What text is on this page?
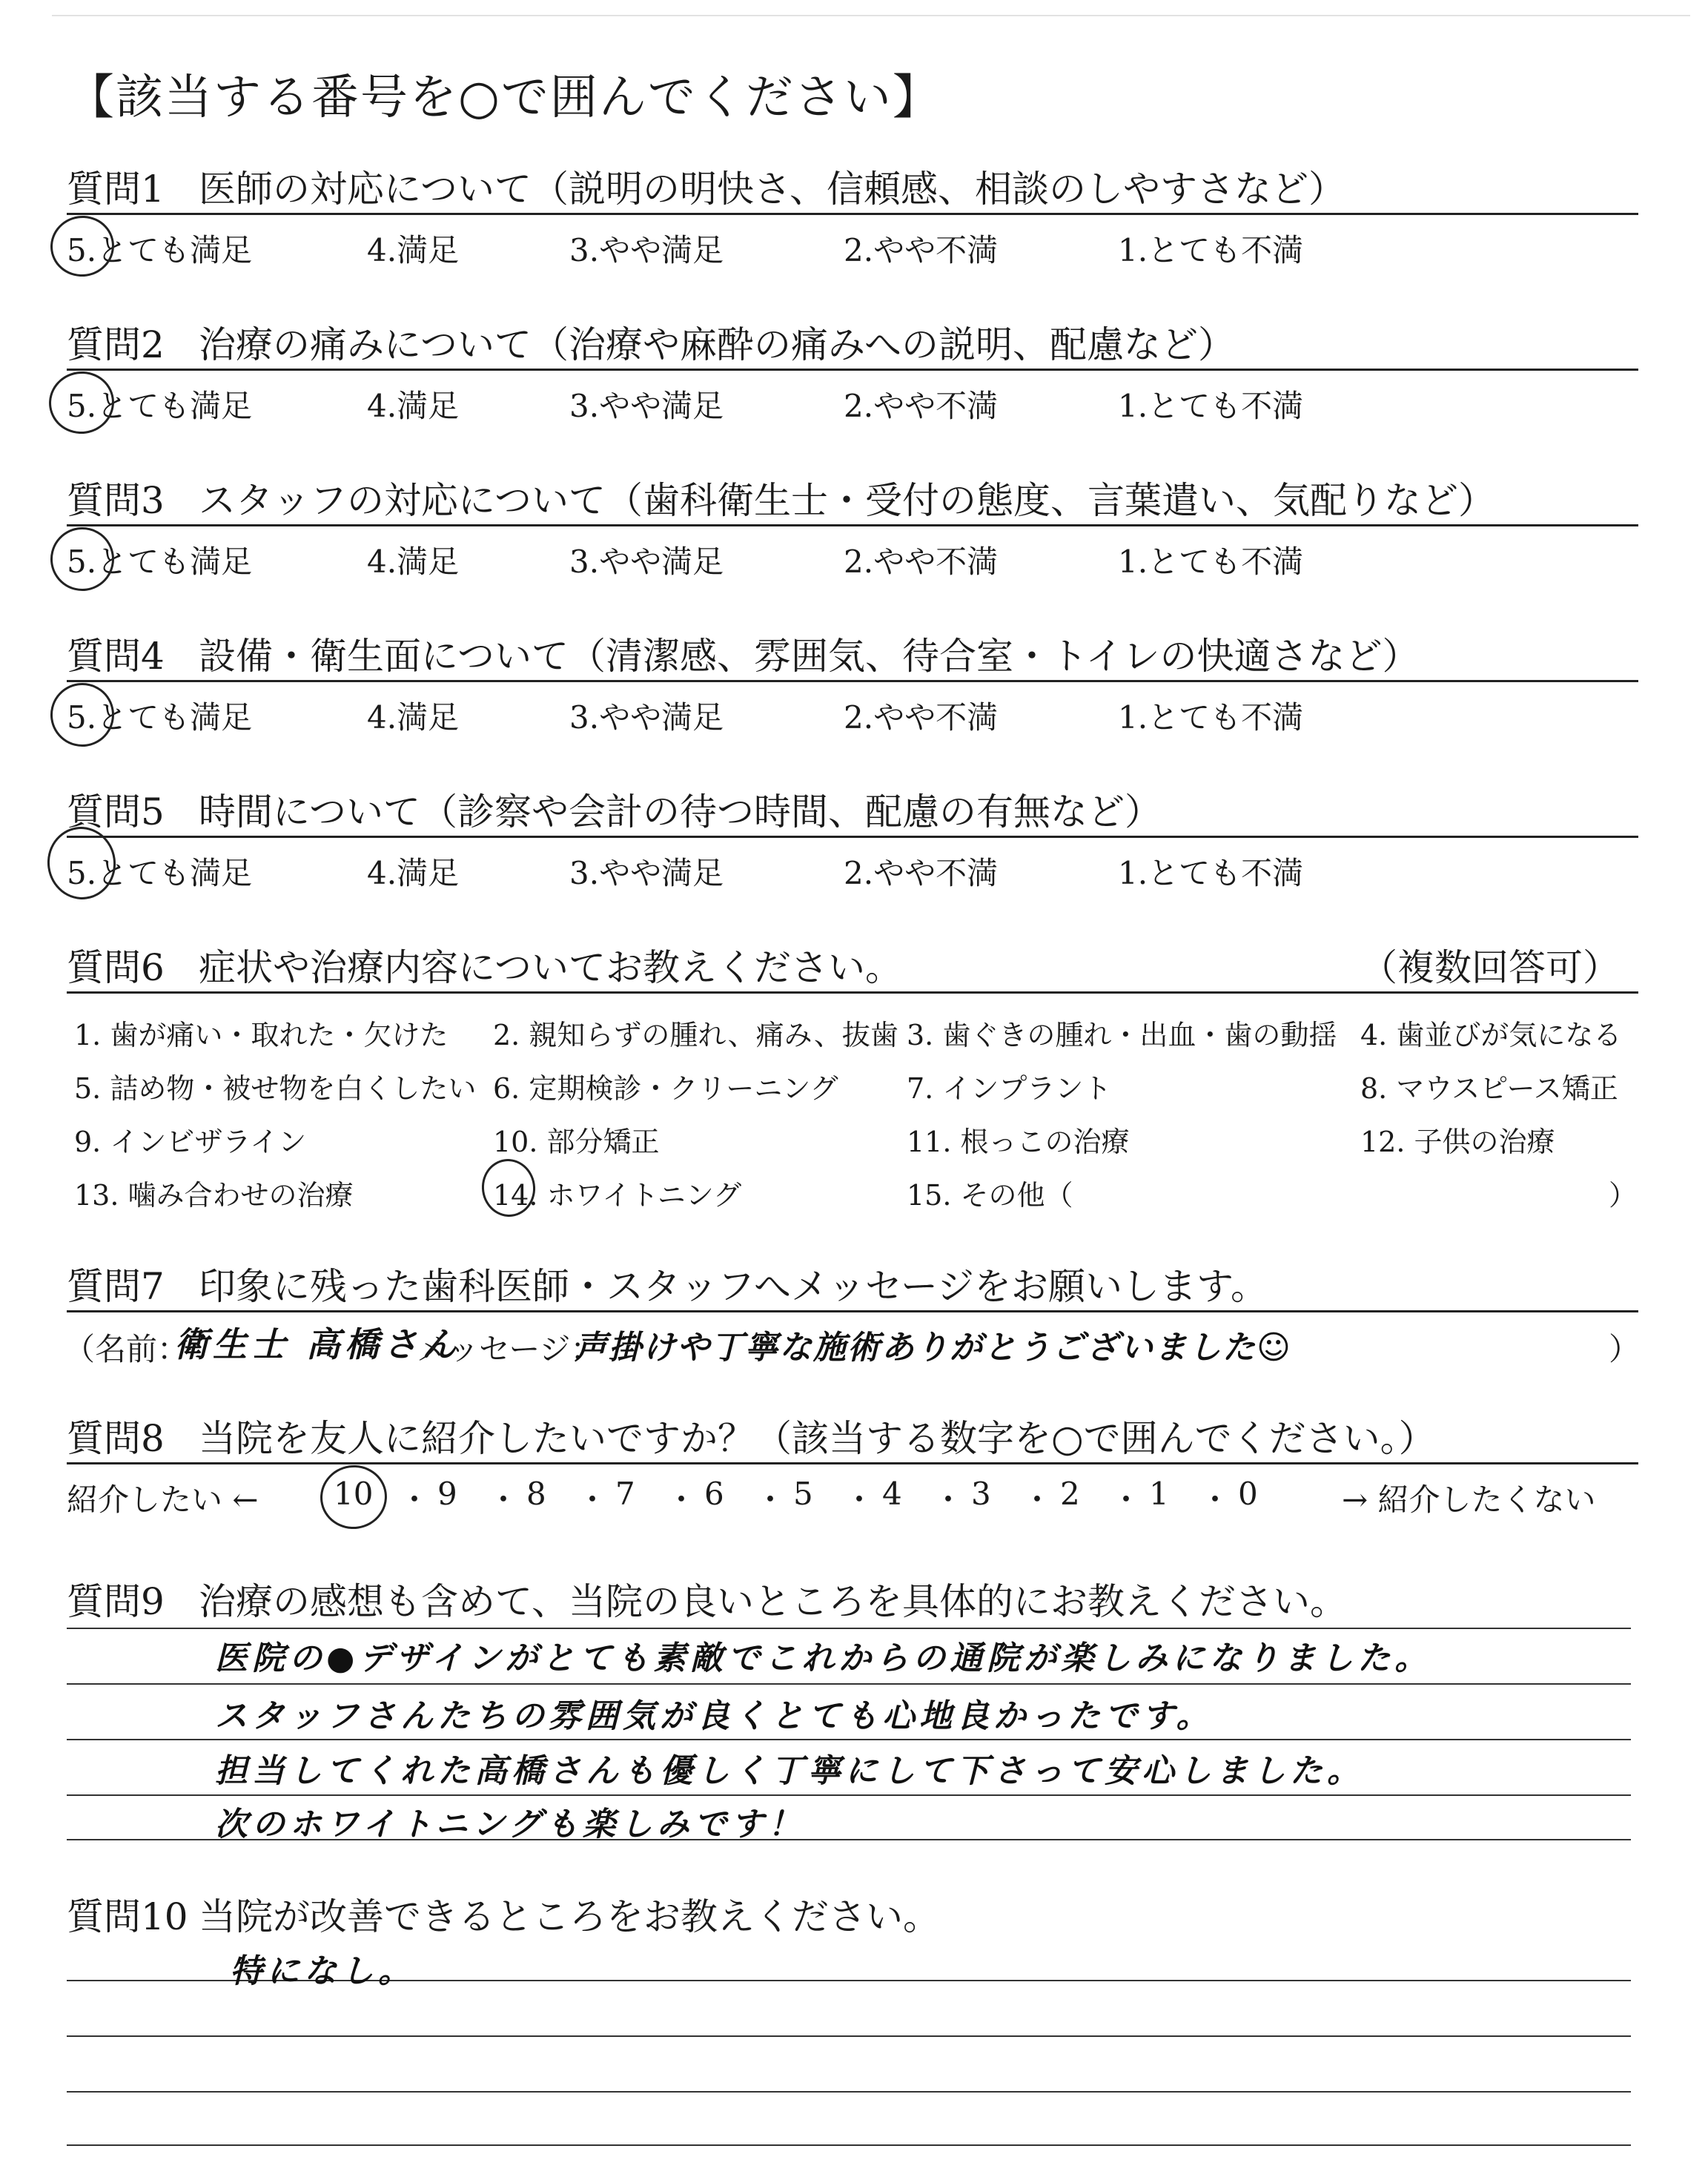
【該当する番号を○で囲んでください】
質問1 医師の対応について（説明の明快さ、信頼感、相談のしやすさなど）
5.とても満足	4.満足	3.やや満足	2.やや不満	1.とても不満
質問2 治療の痛みについて（治療や麻酔の痛みへの説明、配慮など）
5.とても満足	4.満足	3.やや満足	2.やや不満	1.とても不満
質問3 スタッフの対応について（歯科衛生士・受付の態度、言葉遣い、気配りなど）
5.とても満足	4.満足	3.やや満足	2.やや不満	1.とても不満
質問4 設備・衛生面について（清潔感、雰囲気、待合室・トイレの快適さなど）
5.とても満足	4.満足	3.やや満足	2.やや不満	1.とても不満
質問5 時間について（診察や会計の待つ時間、配慮の有無など）
5.とても満足	4.満足	3.やや満足	2.やや不満	1.とても不満
質問6 症状や治療内容についてお教えください。	（複数回答可）
1. 歯が痛い・取れた・欠けた 2. 親知らずの腫れ、痛み、抜歯 3. 歯ぐきの腫れ・出血・歯の動揺 4. 歯並びが気になる
5. 詰め物・被せ物を白くしたい 6. 定期検診・クリーニング 7. インプラント	8. マウスピース矯正
9. インビザライン	10. 部分矯正	11. 根っこの治療	12. 子供の治療
13. 噛み合わせの治療	14. ホワイトニング	15. その他（	）
質問7 印象に残った歯科医師・スタッフへメッセージをお願いします。
（名前：
衛生士 高橋さん
メッセージ：
声掛けや丁寧な施術ありがとうございました☺	）
質問8 当院を友人に紹介したいですか？（該当する数字を○で囲んでください。）
紹介したい ← 10 ・ 9 ・ 8 ・ 7 ・ 6 ・ 5 ・ 4 ・ 3 ・ 2 ・ 1 ・ 0	→ 紹介したくない
質問9 治療の感想も含めて、当院の良いところを具体的にお教えください。
医院の●デザインがとても素敵でこれからの通院が楽しみになりました。
スタッフさんたちの雰囲気が良くとても心地良かったです。
担当してくれた高橋さんも優しく丁寧にして下さって安心しました。
次のホワイトニングも楽しみです！
質問10 当院が改善できるところをお教えください。
特になし。
